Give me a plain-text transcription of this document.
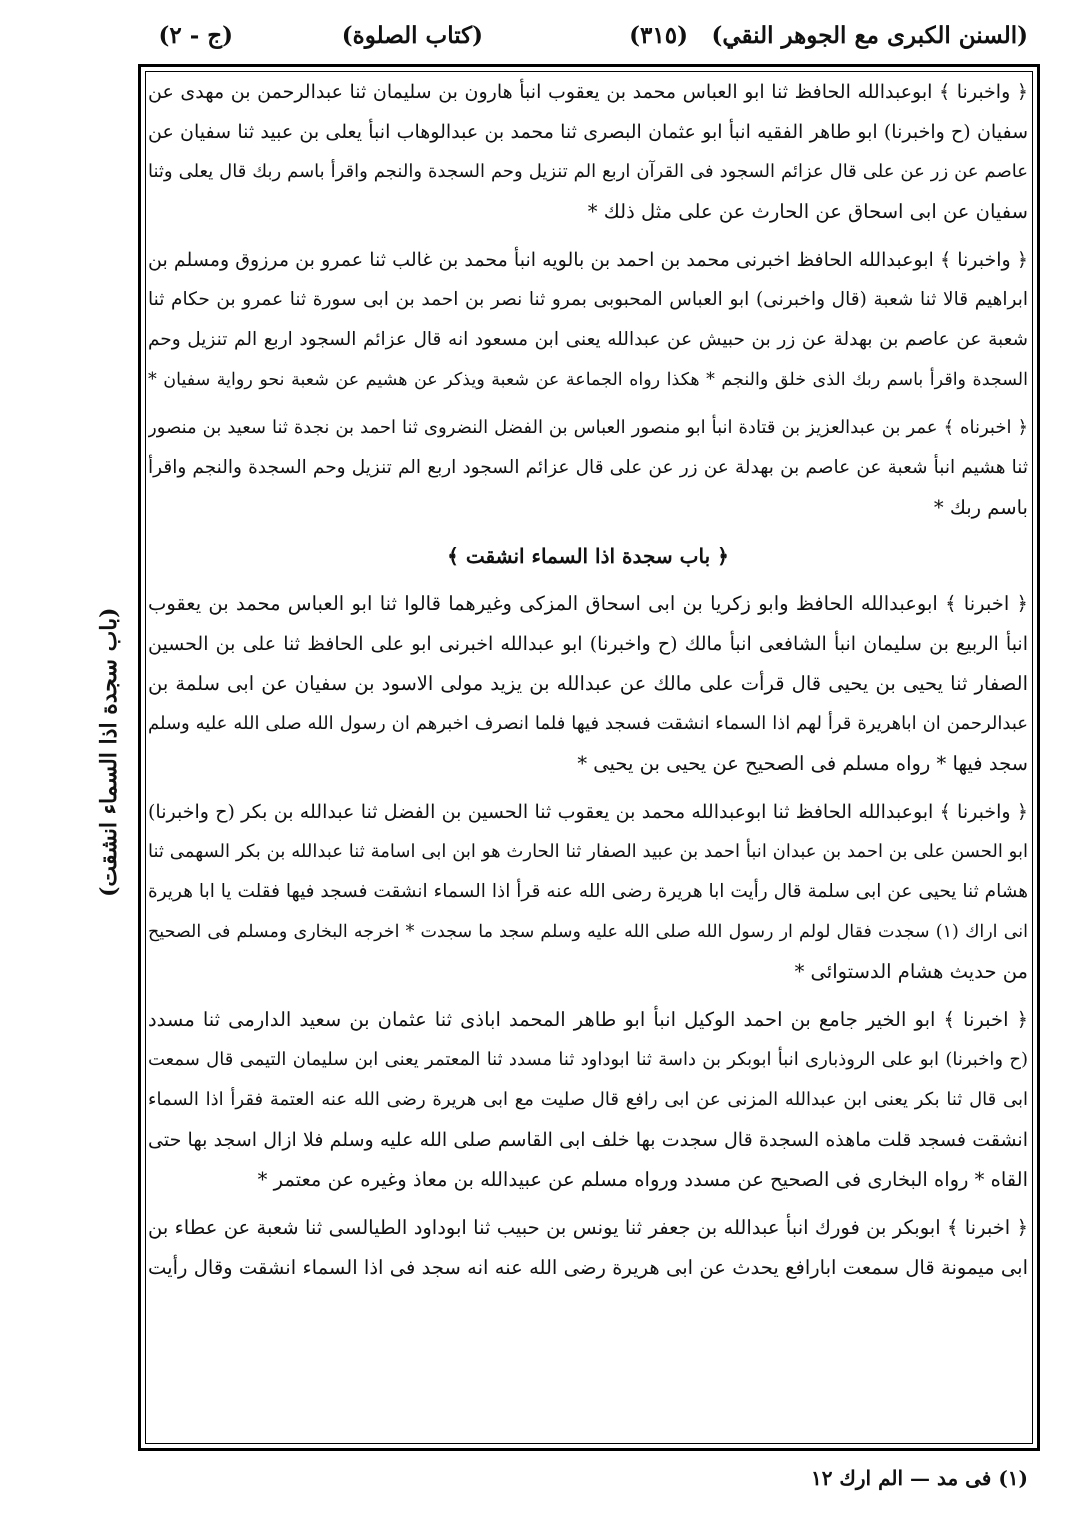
(السنن الكبرى مع الجوهر النقي)
(٣١٥)
(كتاب الصلوة)
(ج - ٢)
﴿ واخبرنا ﴾ ابوعبدالله الحافظ ثنا ابو العباس محمد بن يعقوب انبأ هارون بن سليمان ثنا عبدالرحمن بن مهدى عن
سفيان (ح واخبرنا) ابو طاهر الفقيه انبأ ابو عثمان البصرى ثنا محمد بن عبدالوهاب انبأ يعلى بن عبيد ثنا سفيان عن
عاصم عن زر عن على قال عزائم السجود فى القرآن اربع الم تنزيل وحم السجدة والنجم واقرأ باسم ربك قال يعلى وثنا
سفيان عن ابى اسحاق عن الحارث عن على مثل ذلك *
﴿ واخبرنا ﴾ ابوعبدالله الحافظ اخبرنى محمد بن احمد بن بالويه انبأ محمد بن غالب ثنا عمرو بن مرزوق ومسلم بن
ابراهيم قالا ثنا شعبة (قال واخبرنى) ابو العباس المحبوبى بمرو ثنا نصر بن احمد بن ابى سورة ثنا عمرو بن حكام ثنا
شعبة عن عاصم بن بهدلة عن زر بن حبيش عن عبدالله يعنى ابن مسعود انه قال عزائم السجود اربع الم تنزيل وحم
السجدة واقرأ باسم ربك الذى خلق والنجم * هكذا رواه الجماعة عن شعبة ويذكر عن هشيم عن شعبة نحو رواية سفيان *
﴿ اخبرناه ﴾ عمر بن عبدالعزيز بن قتادة انبأ ابو منصور العباس بن الفضل النضروى ثنا احمد بن نجدة ثنا سعيد بن منصور
ثنا هشيم انبأ شعبة عن عاصم بن بهدلة عن زر عن على قال عزائم السجود اربع الم تنزيل وحم السجدة والنجم واقرأ
باسم ربك *
﴿ باب سجدة اذا السماء انشقت ﴾
﴿ اخبرنا ﴾ ابوعبدالله الحافظ وابو زكريا بن ابى اسحاق المزكى وغيرهما قالوا ثنا ابو العباس محمد بن يعقوب
انبأ الربيع بن سليمان انبأ الشافعى انبأ مالك (ح واخبرنا) ابو عبدالله اخبرنى ابو على الحافظ ثنا على بن الحسين
الصفار ثنا يحيى بن يحيى قال قرأت على مالك عن عبدالله بن يزيد مولى الاسود بن سفيان عن ابى سلمة بن
عبدالرحمن ان اباهريرة قرأ لهم اذا السماء انشقت فسجد فيها فلما انصرف اخبرهم ان رسول الله صلى الله عليه وسلم
سجد فيها * رواه مسلم فى الصحيح عن يحيى بن يحيى *
﴿ واخبرنا ﴾ ابوعبدالله الحافظ ثنا ابوعبدالله محمد بن يعقوب ثنا الحسين بن الفضل ثنا عبدالله بن بكر (ح واخبرنا)
ابو الحسن على بن احمد بن عبدان انبأ احمد بن عبيد الصفار ثنا الحارث هو ابن ابى اسامة ثنا عبدالله بن بكر السهمى ثنا
هشام ثنا يحيى عن ابى سلمة قال رأيت ابا هريرة رضى الله عنه قرأ اذا السماء انشقت فسجد فيها فقلت يا ابا هريرة
انى اراك (١) سجدت فقال لولم ار رسول الله صلى الله عليه وسلم سجد ما سجدت * اخرجه البخارى ومسلم فى الصحيح
من حديث هشام الدستوائى *
﴿ اخبرنا ﴾ ابو الخير جامع بن احمد الوكيل انبأ ابو طاهر المحمد اباذى ثنا عثمان بن سعيد الدارمى ثنا مسدد
(ح واخبرنا) ابو على الروذبارى انبأ ابوبكر بن داسة ثنا ابوداود ثنا مسدد ثنا المعتمر يعنى ابن سليمان التيمى قال سمعت
ابى قال ثنا بكر يعنى ابن عبدالله المزنى عن ابى رافع قال صليت مع ابى هريرة رضى الله عنه العتمة فقرأ اذا السماء
انشقت فسجد قلت ماهذه السجدة قال سجدت بها خلف ابى القاسم صلى الله عليه وسلم فلا ازال اسجد بها حتى
القاه * رواه البخارى فى الصحيح عن مسدد ورواه مسلم عن عبيدالله بن معاذ وغيره عن معتمر *
﴿ اخبرنا ﴾ ابوبكر بن فورك انبأ عبدالله بن جعفر ثنا يونس بن حبيب ثنا ابوداود الطيالسى ثنا شعبة عن عطاء بن
ابى ميمونة قال سمعت ابارافع يحدث عن ابى هريرة رضى الله عنه انه سجد فى اذا السماء انشقت وقال رأيت
(باب سجدة اذا السماء انشقت)
(١) فى مد — الم ارك ١٢
